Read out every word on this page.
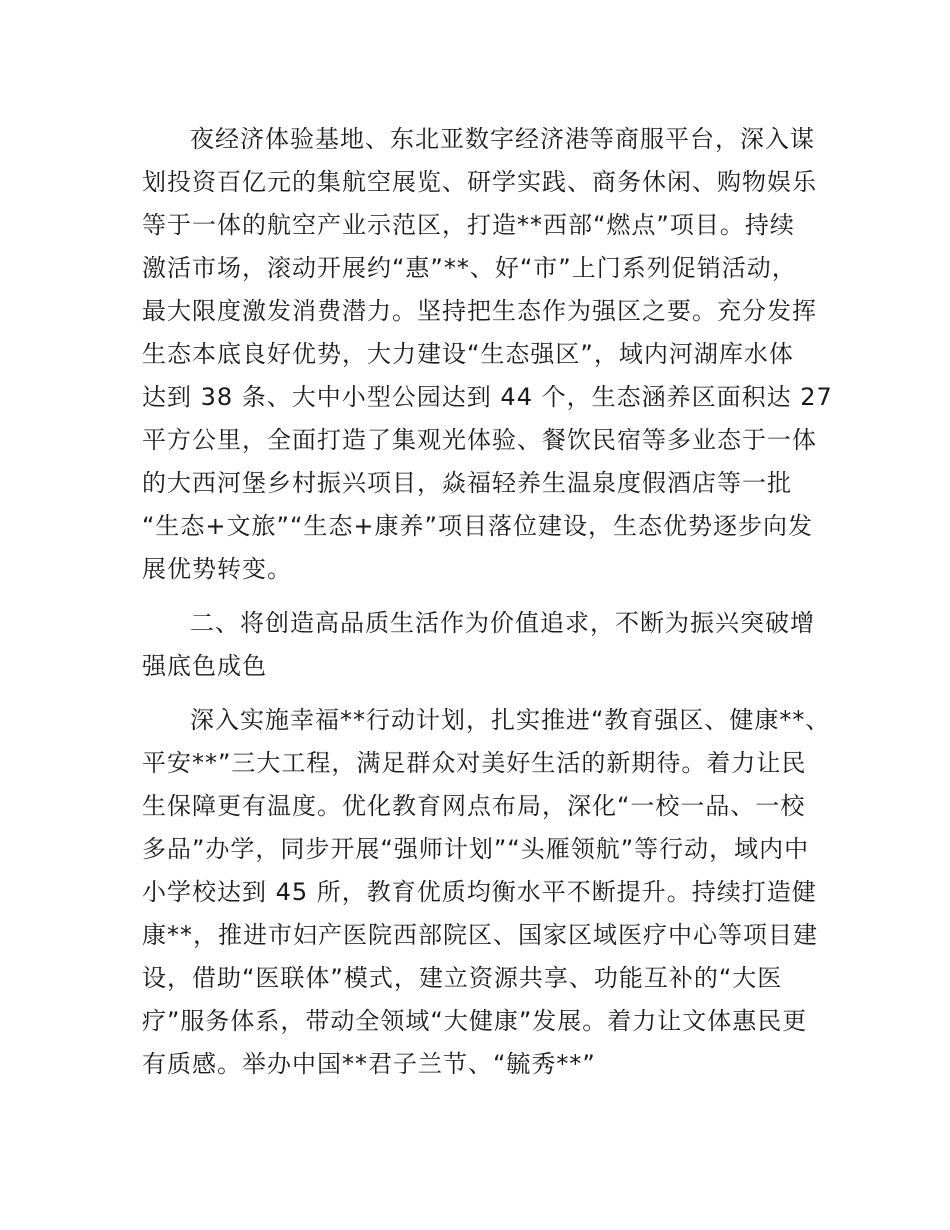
夜经济体验基地、东北亚数字经济港等商服平台，深入谋
划投资百亿元的集航空展览、研学实践、商务休闲、购物娱乐
等于一体的航空产业示范区，打造**西部“燃点”项目。持续
激活市场，滚动开展约“惠”**、好“市”上门系列促销活动，
最大限度激发消费潜力。坚持把生态作为强区之要。充分发挥
生态本底良好优势，大力建设“生态强区”，域内河湖库水体
达到 38 条、大中小型公园达到 44 个，生态涵养区面积达 27
平方公里，全面打造了集观光体验、餐饮民宿等多业态于一体
的大西河堡乡村振兴项目，焱福轻养生温泉度假酒店等一批
“生态+文旅”“生态+康养”项目落位建设，生态优势逐步向发
展优势转变。
二、将创造高品质生活作为价值追求，不断为振兴突破增
强底色成色
深入实施幸福**行动计划，扎实推进“教育强区、健康**、
平安**”三大工程，满足群众对美好生活的新期待。着力让民
生保障更有温度。优化教育网点布局，深化“一校一品、一校
多品”办学，同步开展“强师计划”“头雁领航”等行动，域内中
小学校达到 45 所，教育优质均衡水平不断提升。持续打造健
康**，推进市妇产医院西部院区、国家区域医疗中心等项目建
设，借助“医联体”模式，建立资源共享、功能互补的“大医
疗”服务体系，带动全领域“大健康”发展。着力让文体惠民更
有质感。举办中国**君子兰节、“毓秀**”
